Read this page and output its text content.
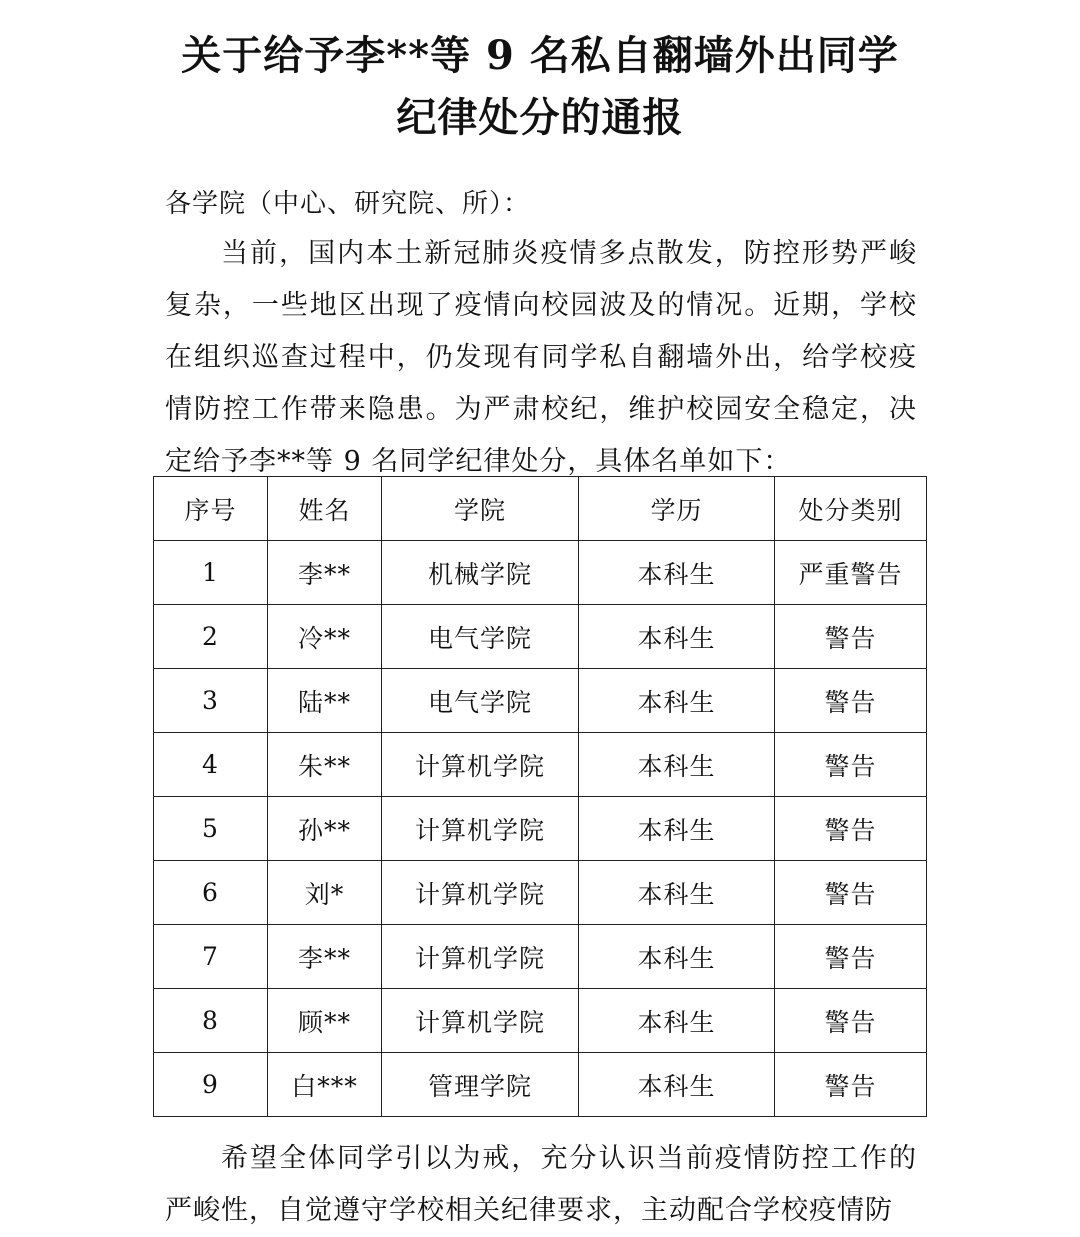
关于给予李**等 9 名私自翻墙外出同学
纪律处分的通报
各学院（中心、研究院、所）：
当前，国内本土新冠肺炎疫情多点散发，防控形势严峻复杂，一些地区出现了疫情向校园波及的情况。近期，学校在组织巡查过程中，仍发现有同学私自翻墙外出，给学校疫情防控工作带来隐患。为严肃校纪，维护校园安全稳定，决定给予李**等 9 名同学纪律处分，具体名单如下：
序号	姓名	学院	学历	处分类别
1	李**	机械学院	本科生	严重警告
2	冷**	电气学院	本科生	警告
3	陆**	电气学院	本科生	警告
4	朱**	计算机学院	本科生	警告
5	孙**	计算机学院	本科生	警告
6	刘*	计算机学院	本科生	警告
7	李**	计算机学院	本科生	警告
8	顾**	计算机学院	本科生	警告
9	白***	管理学院	本科生	警告
希望全体同学引以为戒，充分认识当前疫情防控工作的严峻性，自觉遵守学校相关纪律要求，主动配合学校疫情防
